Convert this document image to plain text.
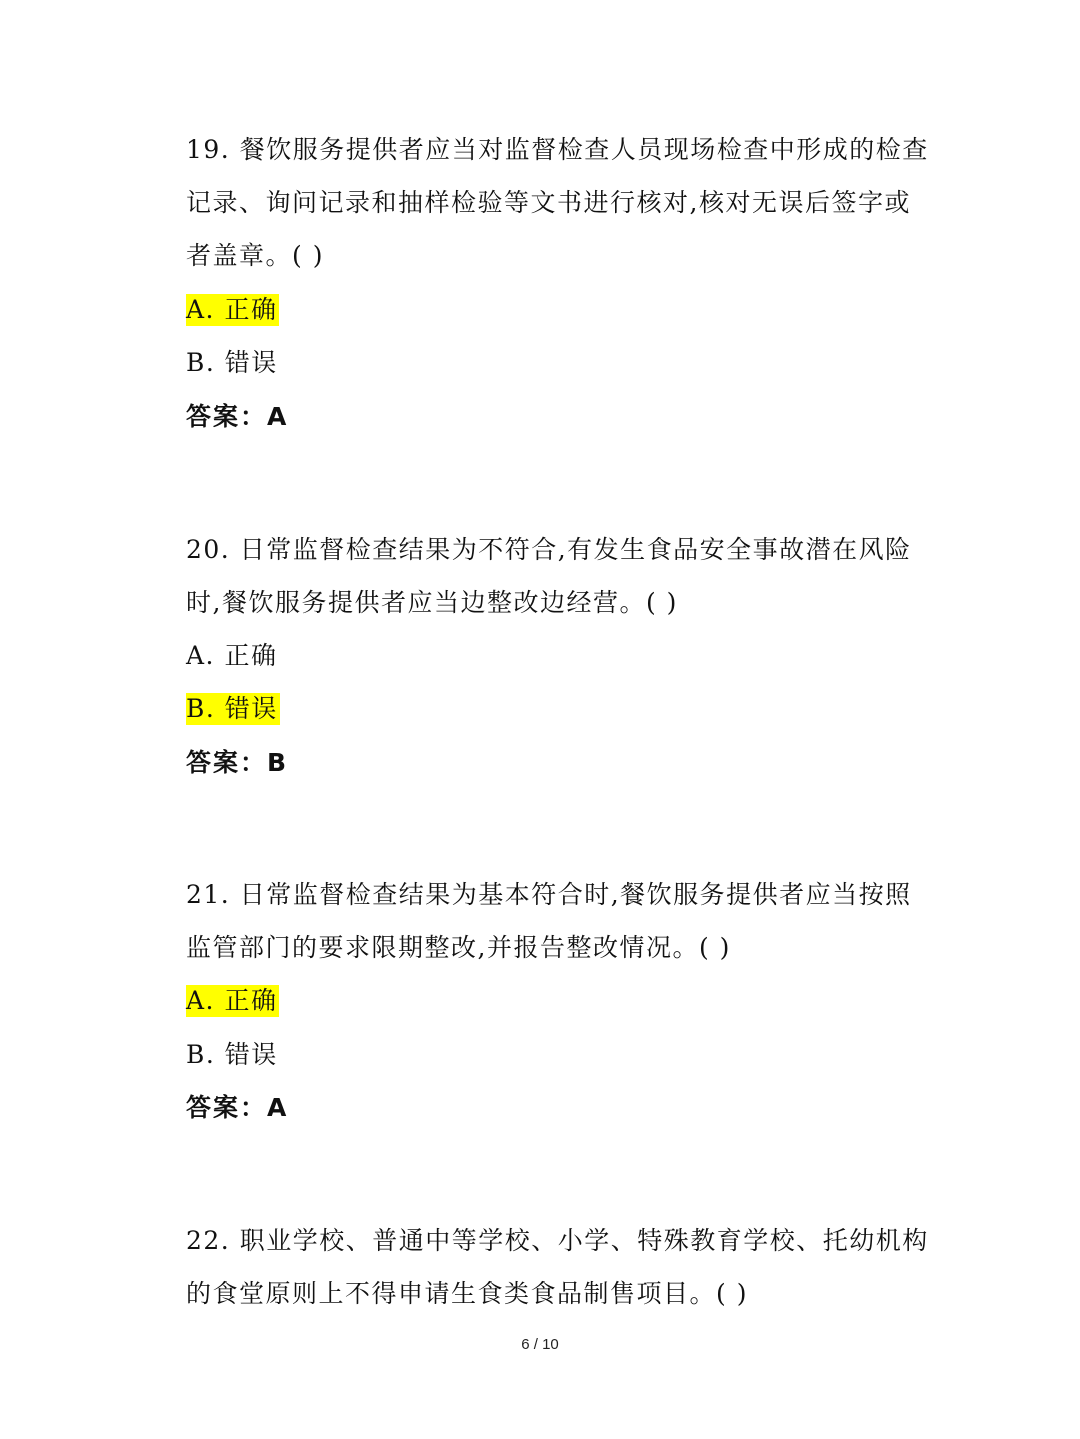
19. 餐饮服务提供者应当对监督检查人员现场检查中形成的检查
记录、询问记录和抽样检验等文书进行核对,核对无误后签字或
者盖章。( )
A. 正确
B. 错误
答案：A
20. 日常监督检查结果为不符合,有发生食品安全事故潜在风险
时,餐饮服务提供者应当边整改边经营。( )
A. 正确
B. 错误
答案：B
21. 日常监督检查结果为基本符合时,餐饮服务提供者应当按照
监管部门的要求限期整改,并报告整改情况。( )
A. 正确
B. 错误
答案：A
22. 职业学校、普通中等学校、小学、特殊教育学校、托幼机构
的食堂原则上不得申请生食类食品制售项目。( )
6 / 10
